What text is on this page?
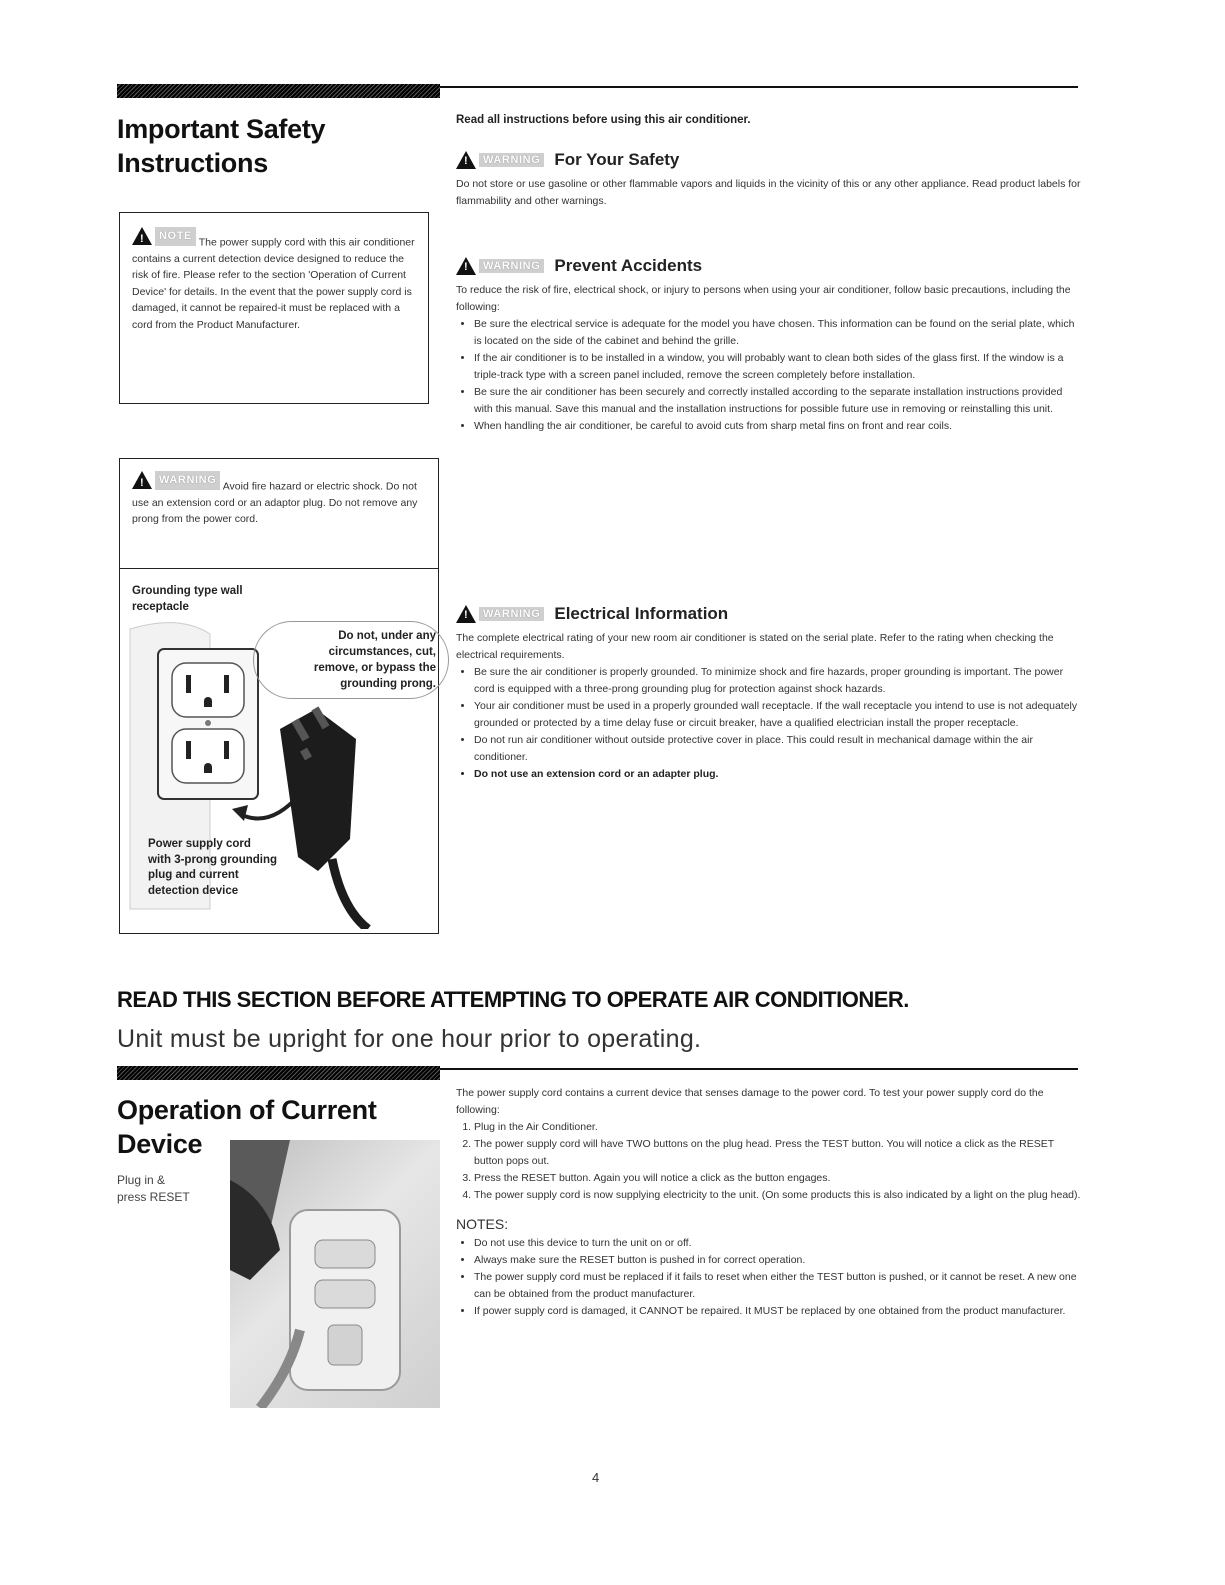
Important Safety
Instructions
!
NOTE
The power supply cord with this air conditioner contains a current detection device designed to reduce the risk of fire. Please refer to the section 'Operation of Current Device' for details. In the event that the power supply cord is damaged, it cannot be repaired-it must be replaced with a cord from the Product Manufacturer.
!
WARNING
Avoid fire hazard or electric shock. Do not use an extension cord or an adaptor plug. Do not remove any prong from the power cord.
Grounding type wall
receptacle
Do not, under any
circumstances, cut,
remove, or bypass the
grounding prong.
Power supply cord
with 3-prong grounding
plug and current
detection device
Read all instructions before using this air conditioner.
!
WARNING For Your Safety
Do not store or use gasoline or other flammable vapors and liquids in the vicinity of this or any other appliance. Read product labels for flammability and other warnings.
!
WARNING Prevent Accidents
To reduce the risk of fire, electrical shock, or injury to persons when using your air conditioner, follow basic precautions, including the following:
• Be sure the electrical service is adequate for the model you have chosen. This information can be found on the serial plate, which is located on the side of the cabinet and behind the grille.
• If the air conditioner is to be installed in a window, you will probably want to clean both sides of the glass first. If the window is a triple-track type with a screen panel included, remove the screen completely before installation.
• Be sure the air conditioner has been securely and correctly installed according to the separate installation instructions provided with this manual. Save this manual and the installation instructions for possible future use in removing or reinstalling this unit.
• When handling the air conditioner, be careful to avoid cuts from sharp metal fins on front and rear coils.
!
WARNING Electrical Information
The complete electrical rating of your new room air conditioner is stated on the serial plate. Refer to the rating when checking the electrical requirements.
• Be sure the air conditioner is properly grounded. To minimize shock and fire hazards, proper grounding is important. The power cord is equipped with a three-prong grounding plug for protection against shock hazards.
• Your air conditioner must be used in a properly grounded wall receptacle. If the wall receptacle you intend to use is not adequately grounded or protected by a time delay fuse or circuit breaker, have a qualified electrician install the proper receptacle.
• Do not run air conditioner without outside protective cover in place. This could result in mechanical damage within the air conditioner.
• Do not use an extension cord or an adapter plug.
READ THIS SECTION BEFORE ATTEMPTING TO OPERATE AIR CONDITIONER.
Unit must be upright for one hour prior to operating.
Operation of Current
Device
Plug in &
press RESET
The power supply cord contains a current device that senses damage to the power cord. To test your power supply cord do the following:
1. Plug in the Air Conditioner.
2. The power supply cord will have TWO buttons on the plug head. Press the TEST button. You will notice a click as the RESET button pops out.
3. Press the RESET button. Again you will notice a click as the button engages.
4. The power supply cord is now supplying electricity to the unit. (On some products this is also indicated by a light on the plug head).
NOTES:
• Do not use this device to turn the unit on or off.
• Always make sure the RESET button is pushed in for correct operation.
• The power supply cord must be replaced if it fails to reset when either the TEST button is pushed, or it cannot be reset. A new one can be obtained from the product manufacturer.
• If power supply cord is damaged, it CANNOT be repaired. It MUST be replaced by one obtained from the product manufacturer.
4
